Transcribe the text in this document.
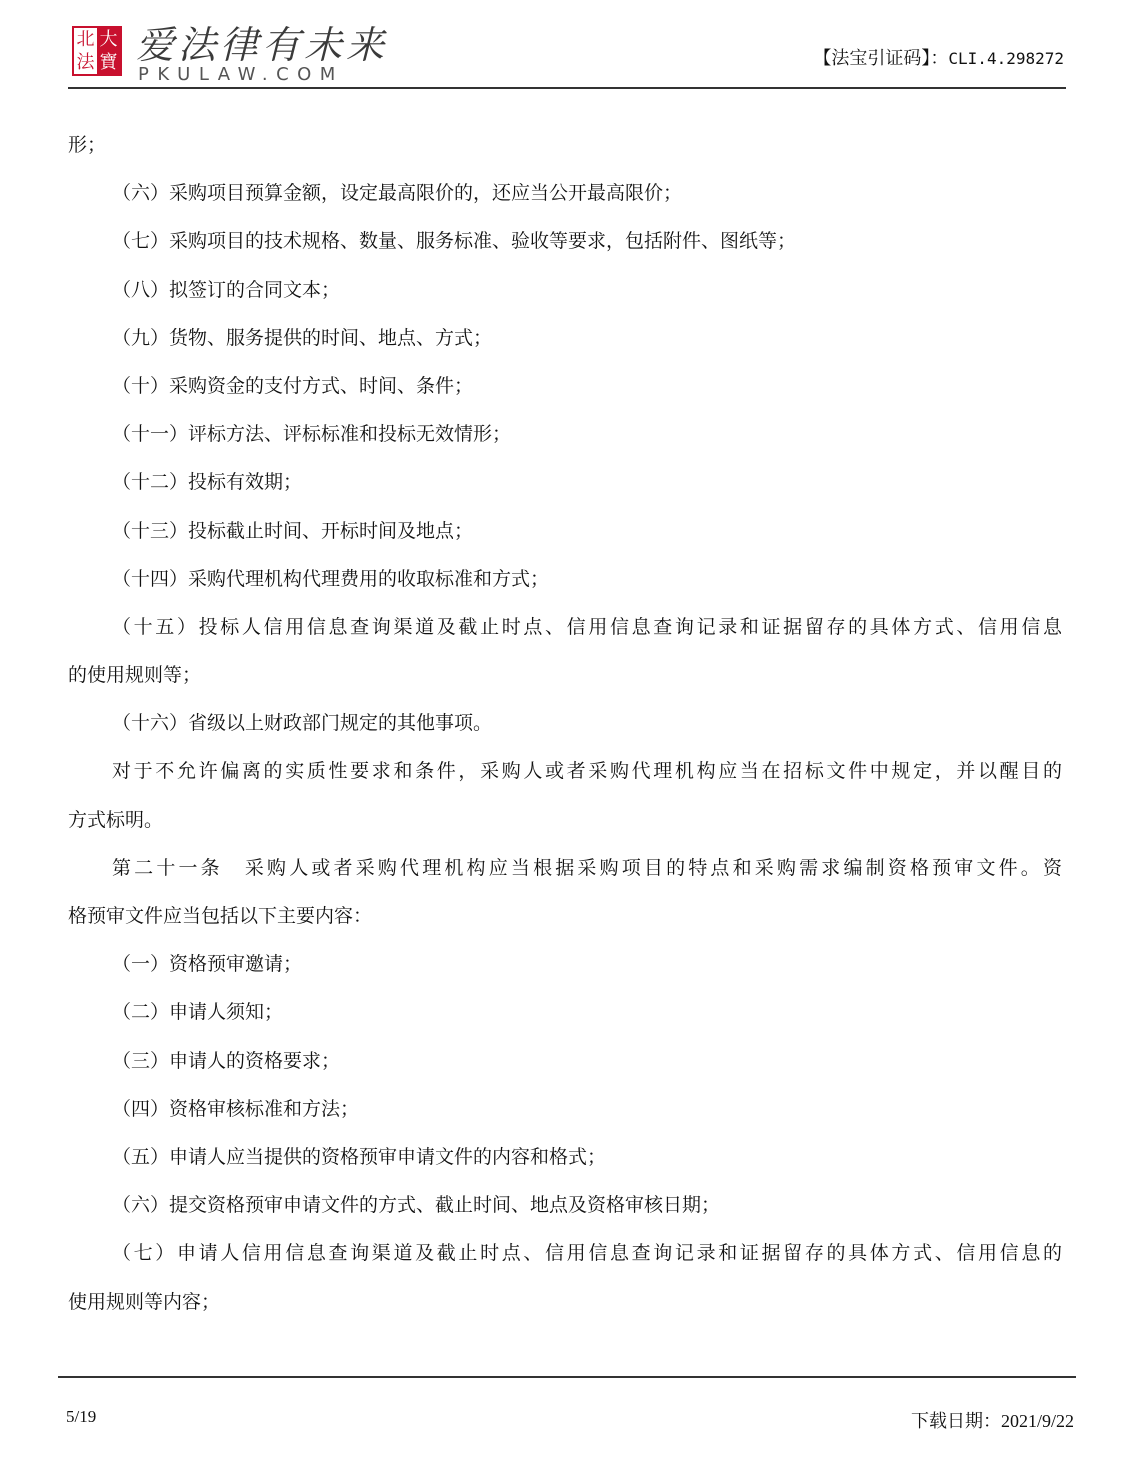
北 大
法 寶 爱法律有未来
PKULAW.COM
【法宝引证码】：CLI.4.298272
形；
（六）采购项目预算金额，设定最高限价的，还应当公开最高限价；
（七）采购项目的技术规格、数量、服务标准、验收等要求，包括附件、图纸等；
（八）拟签订的合同文本；
（九）货物、服务提供的时间、地点、方式；
（十）采购资金的支付方式、时间、条件；
（十一）评标方法、评标标准和投标无效情形；
（十二）投标有效期；
（十三）投标截止时间、开标时间及地点；
（十四）采购代理机构代理费用的收取标准和方式；
（十五）投标人信用信息查询渠道及截止时点、信用信息查询记录和证据留存的具体方式、信用信息
的使用规则等；
（十六）省级以上财政部门规定的其他事项。
对于不允许偏离的实质性要求和条件，采购人或者采购代理机构应当在招标文件中规定，并以醒目的
方式标明。
第二十一条 采购人或者采购代理机构应当根据采购项目的特点和采购需求编制资格预审文件。资
格预审文件应当包括以下主要内容：
（一）资格预审邀请；
（二）申请人须知；
（三）申请人的资格要求；
（四）资格审核标准和方法；
（五）申请人应当提供的资格预审申请文件的内容和格式；
（六）提交资格预审申请文件的方式、截止时间、地点及资格审核日期；
（七）申请人信用信息查询渠道及截止时点、信用信息查询记录和证据留存的具体方式、信用信息的
使用规则等内容；
5/19	下载日期：2021/9/22
